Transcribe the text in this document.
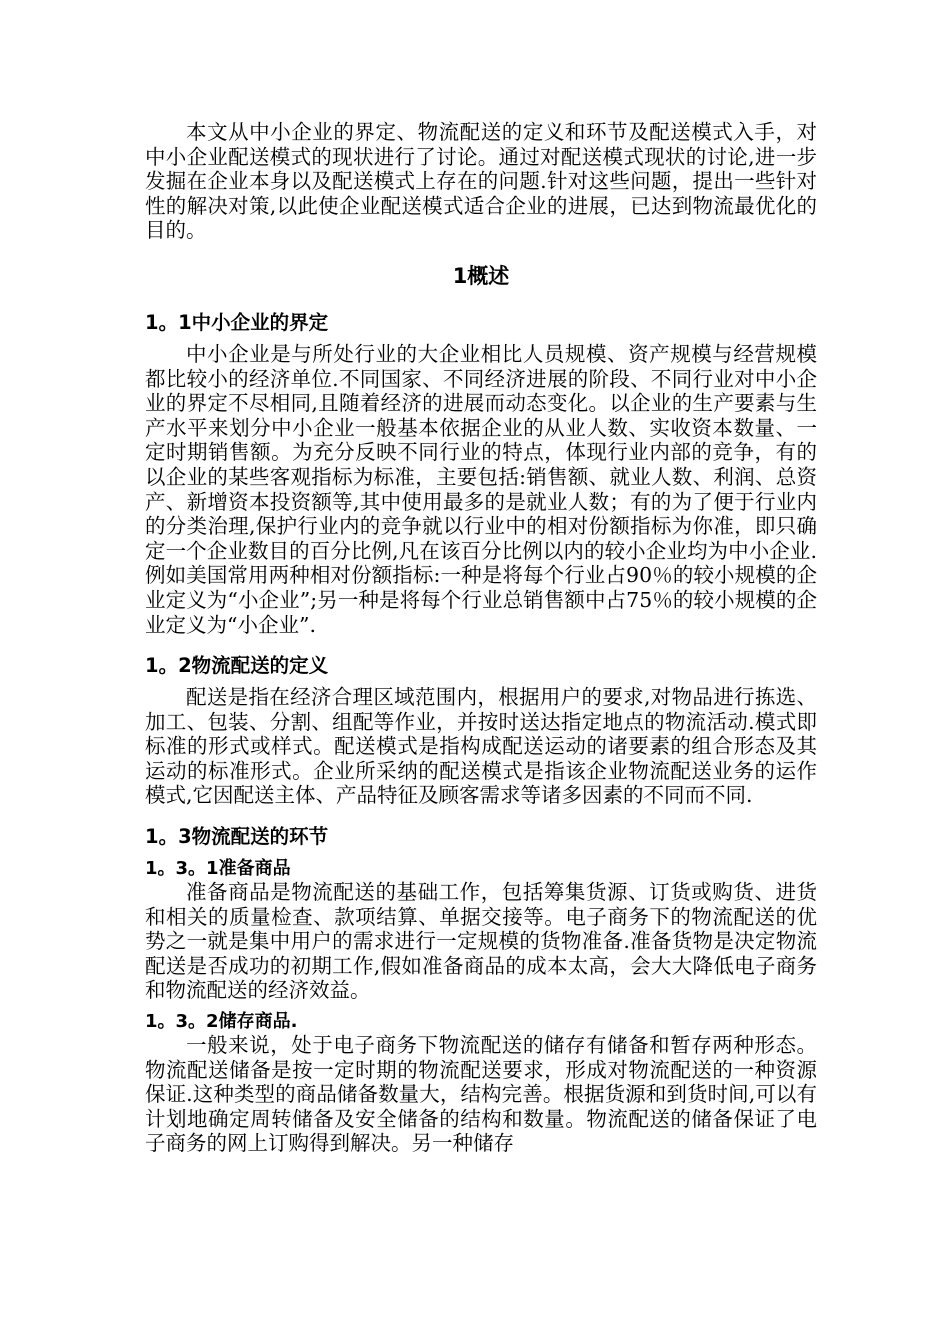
本文从中小企业的界定、物流配送的定义和环节及配送模式入手，对中小企业配送模式的现状进行了讨论。通过对配送模式现状的讨论,进一步发掘在企业本身以及配送模式上存在的问题.针对这些问题，提出一些针对性的解决对策,以此使企业配送模式适合企业的进展，已达到物流最优化的目的。

1概述
1。1中小企业的界定

中小企业是与所处行业的大企业相比人员规模、资产规模与经营规模都比较小的经济单位.不同国家、不同经济进展的阶段、不同行业对中小企业的界定不尽相同,且随着经济的进展而动态变化。以企业的生产要素与生产水平来划分中小企业一般基本依据企业的从业人数、实收资本数量、一定时期销售额。为充分反映不同行业的特点，体现行业内部的竞争，有的以企业的某些客观指标为标准，主要包括:销售额、就业人数、利润、总资产、新增资本投资额等,其中使用最多的是就业人数；有的为了便于行业内的分类治理,保护行业内的竞争就以行业中的相对份额指标为你准，即只确定一个企业数目的百分比例,凡在该百分比例以内的较小企业均为中小企业.例如美国常用两种相对份额指标:一种是将每个行业占90％的较小规模的企业定义为“小企业”;另一种是将每个行业总销售额中占75％的较小规模的企业定义为“小企业”.

1。2物流配送的定义

配送是指在经济合理区域范围内，根据用户的要求,对物品进行拣选、加工、包装、分割、组配等作业，并按时送达指定地点的物流活动.模式即标准的形式或样式。配送模式是指构成配送运动的诸要素的组合形态及其运动的标准形式。企业所采纳的配送模式是指该企业物流配送业务的运作模式,它因配送主体、产品特征及顾客需求等诸多因素的不同而不同.

1。3物流配送的环节
1。3。1准备商品

准备商品是物流配送的基础工作，包括筹集货源、订货或购货、进货和相关的质量检查、款项结算、单据交接等。电子商务下的物流配送的优势之一就是集中用户的需求进行一定规模的货物准备.准备货物是决定物流配送是否成功的初期工作,假如准备商品的成本太高，会大大降低电子商务和物流配送的经济效益。

1。3。2储存商品.

一般来说，处于电子商务下物流配送的储存有储备和暂存两种形态。物流配送储备是按一定时期的物流配送要求，形成对物流配送的一种资源保证.这种类型的商品储备数量大，结构完善。根据货源和到货时间,可以有计划地确定周转储备及安全储备的结构和数量。物流配送的储备保证了电子商务的网上订购得到解决。另一种储存
